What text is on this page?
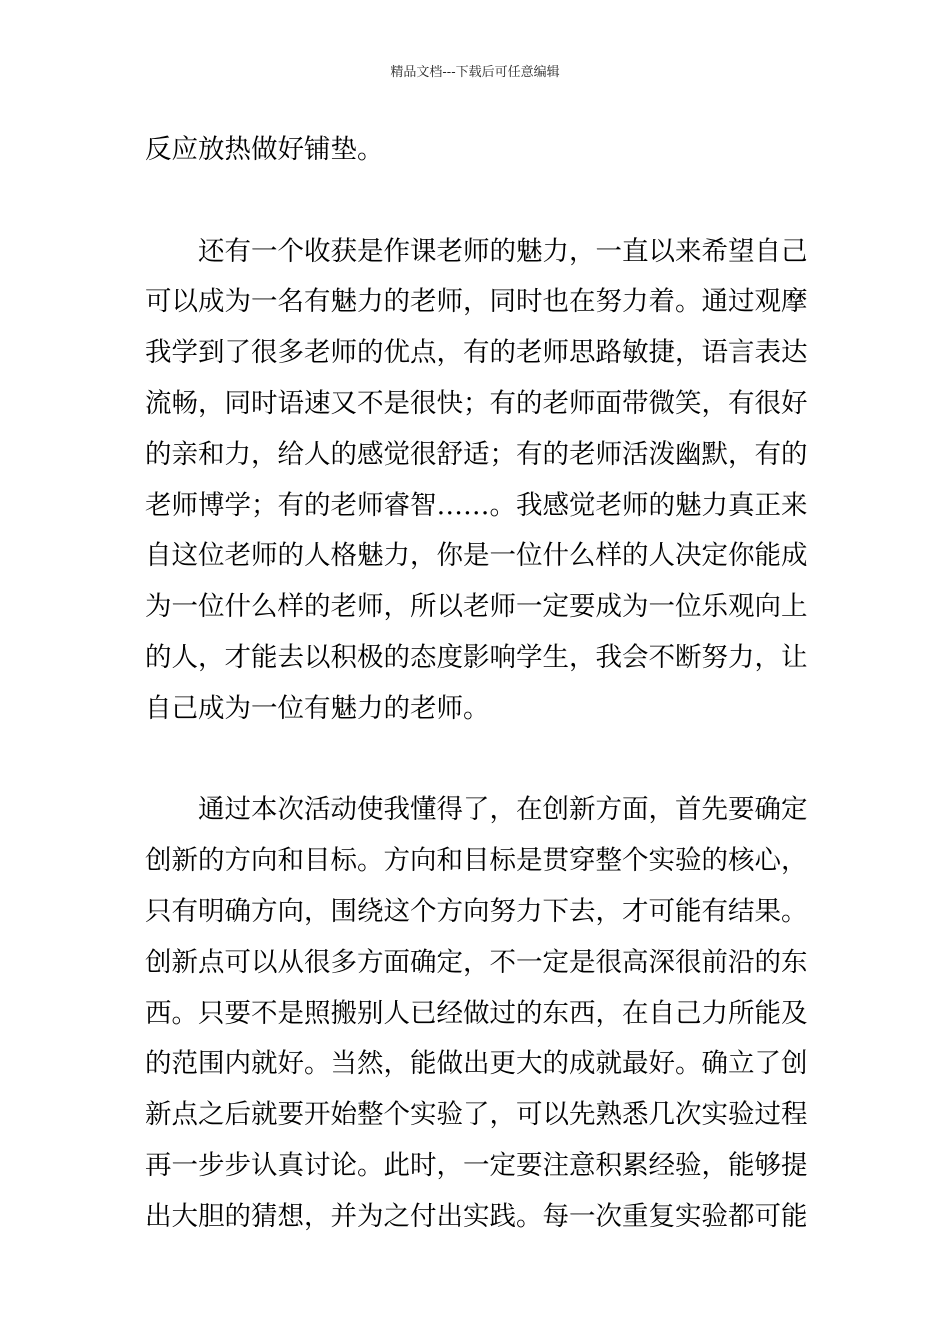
精品文档---下载后可任意编辑
反应放热做好铺垫。
还有一个收获是作课老师的魅力，一直以来希望自己
可以成为一名有魅力的老师，同时也在努力着。通过观摩
我学到了很多老师的优点，有的老师思路敏捷，语言表达
流畅，同时语速又不是很快；有的老师面带微笑，有很好
的亲和力，给人的感觉很舒适；有的老师活泼幽默，有的
老师博学；有的老师睿智……。我感觉老师的魅力真正来
自这位老师的人格魅力，你是一位什么样的人决定你能成
为一位什么样的老师，所以老师一定要成为一位乐观向上
的人，才能去以积极的态度影响学生，我会不断努力，让
自己成为一位有魅力的老师。
通过本次活动使我懂得了，在创新方面，首先要确定
创新的方向和目标。方向和目标是贯穿整个实验的核心，
只有明确方向，围绕这个方向努力下去，才可能有结果。
创新点可以从很多方面确定，不一定是很高深很前沿的东
西。只要不是照搬别人已经做过的东西，在自己力所能及
的范围内就好。当然，能做出更大的成就最好。确立了创
新点之后就要开始整个实验了，可以先熟悉几次实验过程
再一步步认真讨论。此时，一定要注意积累经验，能够提
出大胆的猜想，并为之付出实践。每一次重复实验都可能
